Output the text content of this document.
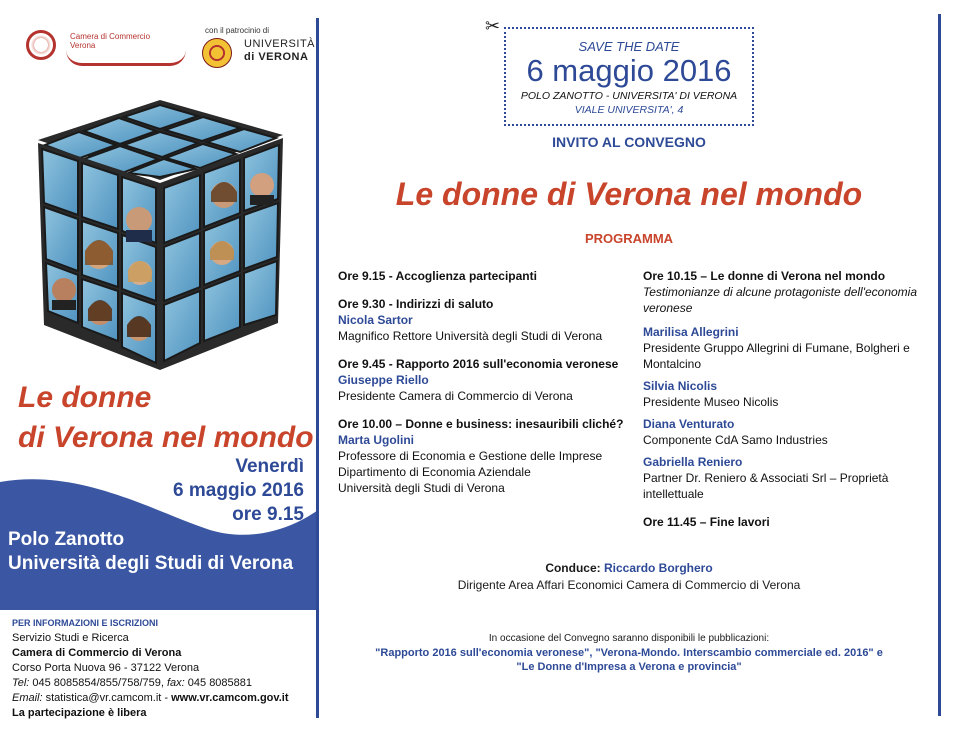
Camera di Commercio Verona
con il patrocinio di
UNIVERSITÀ
di VERONA
Le donne
di Verona nel mondo
Venerdì
6 maggio 2016
ore 9.15
Polo Zanotto
Università degli Studi di Verona
PER INFORMAZIONI E ISCRIZIONI
Servizio Studi e Ricerca
Camera di Commercio di Verona
Corso Porta Nuova 96 - 37122 Verona
Tel: 045 8085854/855/758/759, fax: 045 8085881
Email: statistica@vr.camcom.it - www.vr.camcom.gov.it
La partecipazione è libera
✂
SAVE THE DATE
6 maggio 2016
POLO ZANOTTO - UNIVERSITA' DI VERONA
VIALE UNIVERSITA', 4
INVITO AL CONVEGNO
Le donne di Verona nel mondo
PROGRAMMA
Ore 9.15 - Accoglienza partecipanti
Ore 9.30 - Indirizzi di saluto
Nicola Sartor
Magnifico Rettore Università degli Studi di Verona
Ore 9.45 - Rapporto 2016 sull'economia veronese
Giuseppe Riello
Presidente Camera di Commercio di Verona
Ore 10.00 – Donne e business: inesauribili cliché?
Marta Ugolini
Professore di Economia e Gestione delle Imprese
Dipartimento di Economia Aziendale
Università degli Studi di Verona
Ore 10.15 – Le donne di Verona nel mondo
Testimonianze di alcune protagoniste dell'economia veronese
Marilisa Allegrini
Presidente Gruppo Allegrini di Fumane, Bolgheri e Montalcino
Silvia Nicolis
Presidente Museo Nicolis
Diana Venturato
Componente CdA Samo Industries
Gabriella Reniero
Partner Dr. Reniero & Associati Srl – Proprietà intellettuale
Ore 11.45 – Fine lavori
Conduce: Riccardo Borghero
Dirigente Area Affari Economici Camera di Commercio di Verona
In occasione del Convegno saranno disponibili le pubblicazioni:
"Rapporto 2016 sull'economia veronese", "Verona-Mondo. Interscambio commerciale ed. 2016" e
"Le Donne d'Impresa a Verona e provincia"
